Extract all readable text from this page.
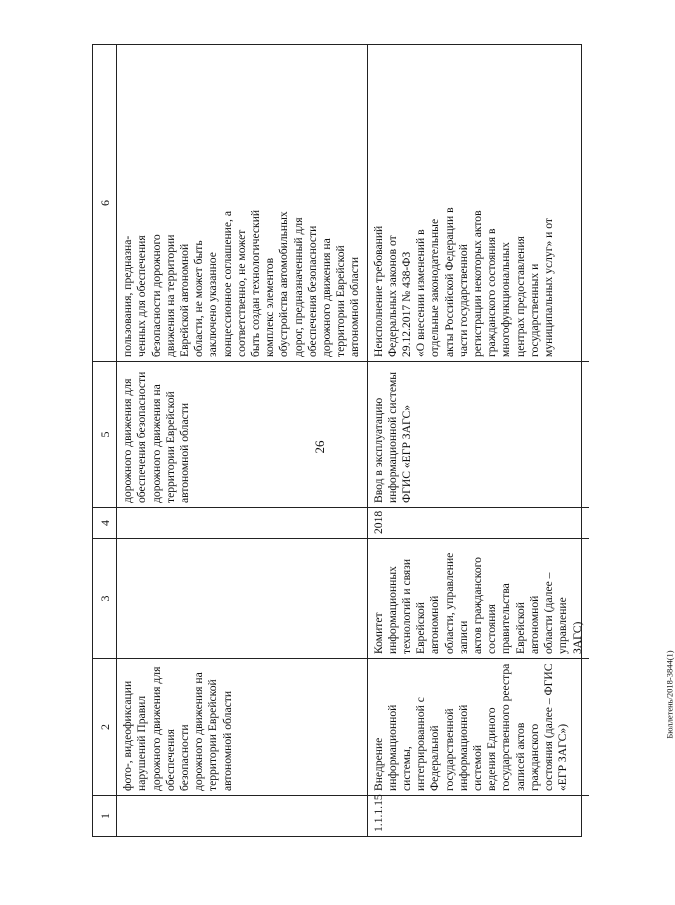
26
1
2
3
4
5
6
фото-, видеофиксации
нарушений Правил
дорожного движения для
обеспечения безопасности
дорожного движения на
территории Еврейской
автономной области
дорожного движения для
обеспечения безопасности
дорожного движения на
территории Еврейской
автономной области
пользования, предназна-
ченных для обеспечения
безопасности дорожного
движения на территории
Еврейской автономной
области, не может быть
заключено указанное
концессионное соглашение, а
соответственно, не может
быть создан технологический
комплекс элементов
обустройства автомобильных
дорог, предназначенный для
обеспечения безопасности
дорожного движения на
территории Еврейской
автономной области
1.1.1.15
Внедрение информационной
системы, интегрированной с
Федеральной
государственной
информационной системой
ведения Единого
государственного реестра
записей актов гражданского
состояния (далее – ФГИС
«ЕГР ЗАГС»)
Комитет информационных
технологий и связи
Еврейской автономной
области, управление записи
актов гражданского
состояния правительства
Еврейской автономной
области (далее – управление
ЗАГС)
2018
Ввод в эксплуатацию
информационной системы
ФГИС «ЕГР ЗАГС»
Неисполнение требований
Федеральных законов от
29.12.2017 № 438-ФЗ
«О внесении изменений в
отдельные законодательные
акты Российской Федерации в
части государственной
регистрации некоторых актов
гражданского состояния в
многофункциональных
центрах предоставления
государственных и
муниципальных услуг» и от
Бюллетень/2018-3844(1)
